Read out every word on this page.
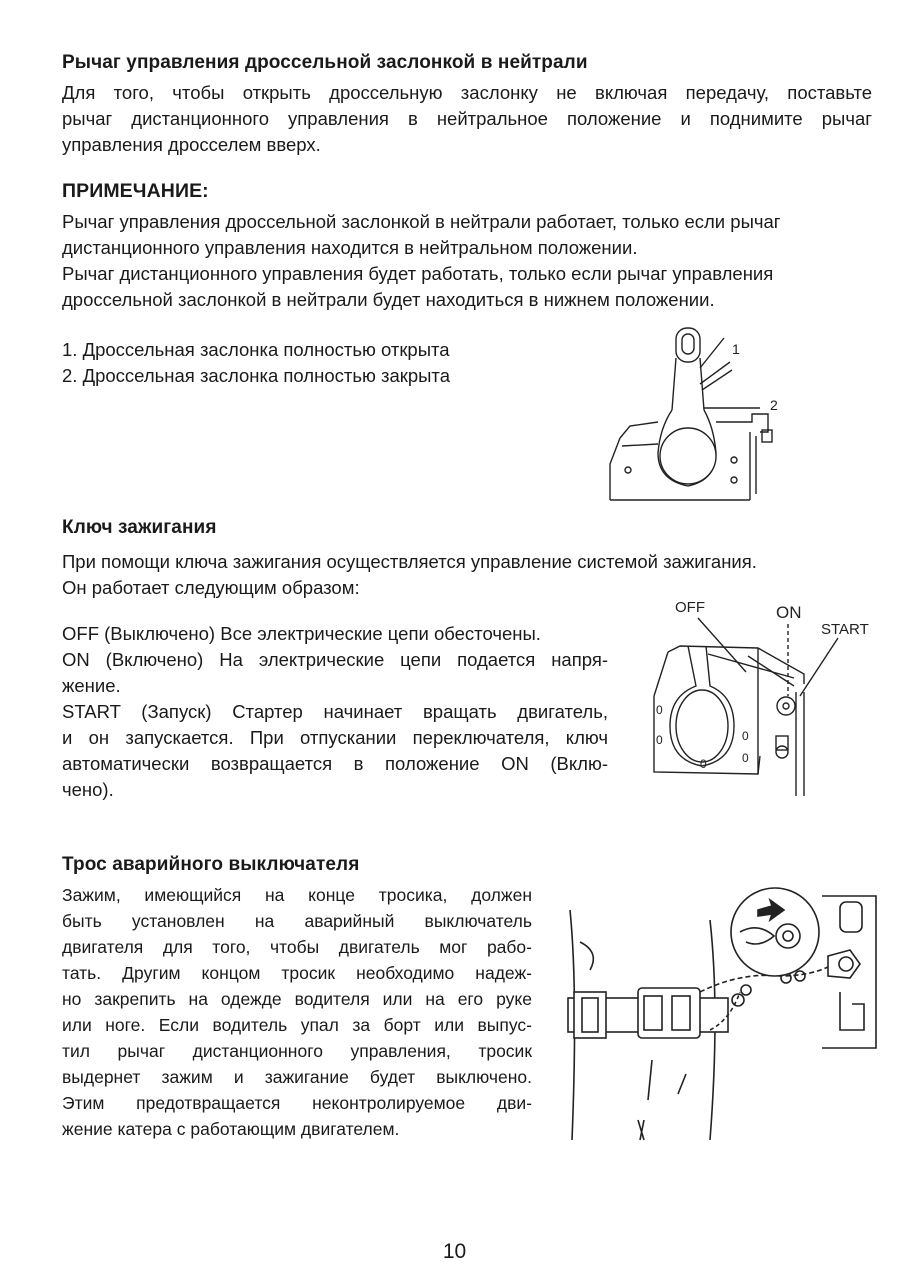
Рычаг управления дроссельной заслонкой в нейтрали

Для того, чтобы открыть дроссельную заслонку не включая передачу, поставьте
рычаг дистанционного управления в нейтральное положение и поднимите рычаг
управления дросселем вверх.

ПРИМЕЧАНИЕ:

Рычаг управления дроссельной заслонкой в нейтрали работает, только если рычаг
дистанционного управления находится в нейтральном положении.
Рычаг дистанционного управления будет работать, только если рычаг управления
дроссельной заслонкой в нейтрали будет находиться в нижнем положении.
1. Дроссельная заслонка полностью открыта
2. Дроссельная заслонка полностью закрыта
1
2

Ключ зажигания

При помощи ключа зажигания осуществляется управление системой зажигания.
Он работает следующим образом:
OFF (Выключено) Все электрические цепи обесточены.
ON (Включено) На электрические цепи подается напря-
жение.
START (Запуск) Стартер начинает вращать двигатель,
и он запускается. При отпускании переключателя, ключ
автоматически возвращается в положение ON (Вклю-
чено).
OFF	ON
START
0
0
0
0
0

Трос аварийного выключателя

Зажим, имеющийся на конце тросика, должен
быть установлен на аварийный выключатель
двигателя для того, чтобы двигатель мог рабо-
тать. Другим концом тросик необходимо надеж-
но закрепить на одежде водителя или на его руке
или ноге. Если водитель упал за борт или выпус-
тил рычаг дистанционного управления, тросик
выдернет зажим и зажигание будет выключено.
Этим предотвращается неконтролируемое дви-
жение катера с работающим двигателем.
10
